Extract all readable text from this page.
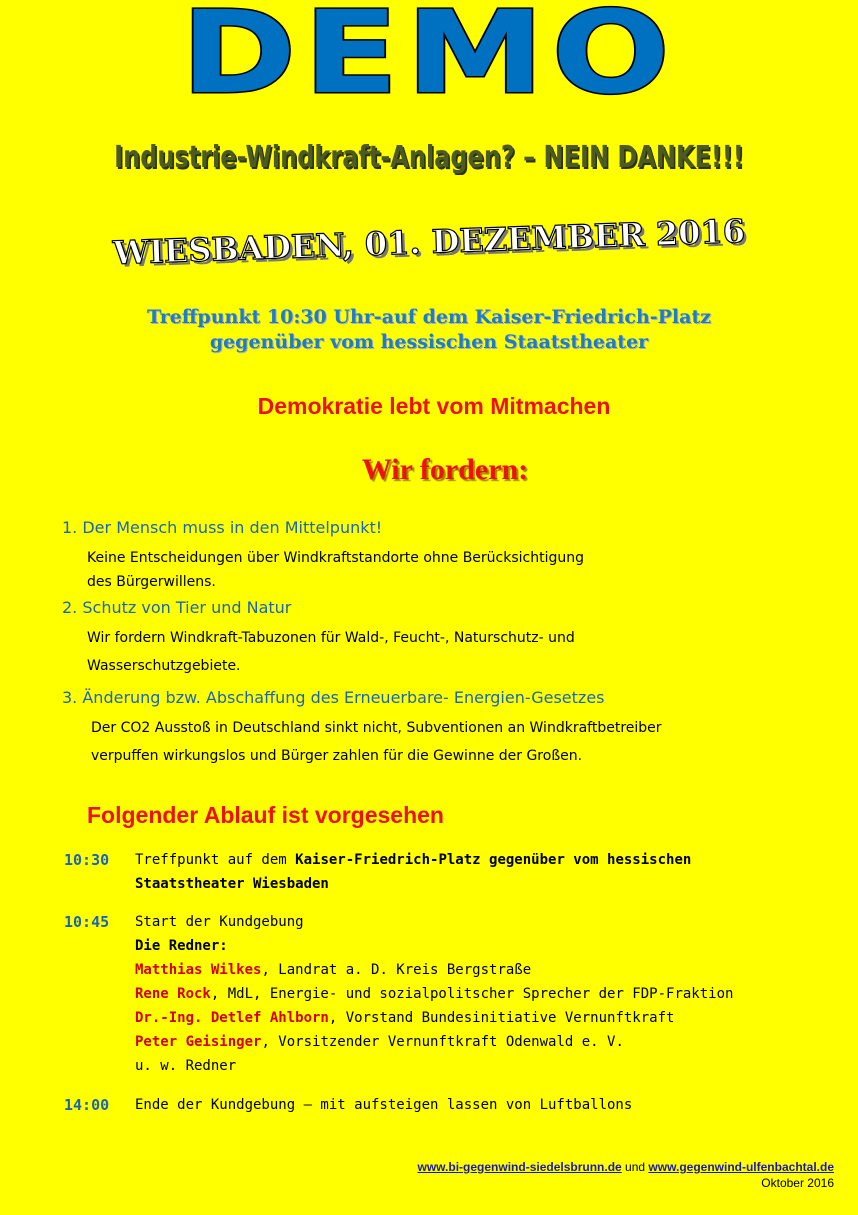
DEMO
Industrie-Windkraft-Anlagen? – NEIN DANKE!!!
WIESBADEN, 01. DEZEMBER 2016
Treffpunkt 10:30 Uhr-auf dem Kaiser-Friedrich-Platz
gegenüber vom hessischen Staatstheater
Demokratie lebt vom Mitmachen
Wir fordern:
1. Der Mensch muss in den Mittelpunkt!
Keine Entscheidungen über Windkraftstandorte ohne Berücksichtigung
des Bürgerwillens.
2. Schutz von Tier und Natur
Wir fordern Windkraft-Tabuzonen für Wald-, Feucht-, Naturschutz- und
Wasserschutzgebiete.
3. Änderung bzw. Abschaffung des Erneuerbare- Energien-Gesetzes
Der CO2 Ausstoß in Deutschland sinkt nicht, Subventionen an Windkraftbetreiber
verpuffen wirkungslos und Bürger zahlen für die Gewinne der Großen.
Folgender Ablauf ist vorgesehen
10:30 Treffpunkt auf dem Kaiser-Friedrich-Platz gegenüber vom hessischen
Staatstheater Wiesbaden
10:45 Start der Kundgebung
Die Redner:
Matthias Wilkes, Landrat a. D. Kreis Bergstraße
Rene Rock, MdL, Energie- und sozialpolitscher Sprecher der FDP-Fraktion
Dr.-Ing. Detlef Ahlborn, Vorstand Bundesinitiative Vernunftkraft
Peter Geisinger, Vorsitzender Vernunftkraft Odenwald e. V.
u. w. Redner
14:00 Ende der Kundgebung – mit aufsteigen lassen von Luftballons
www.bi-gegenwind-siedelsbrunn.de und www.gegenwind-ulfenbachtal.de
Oktober 2016
